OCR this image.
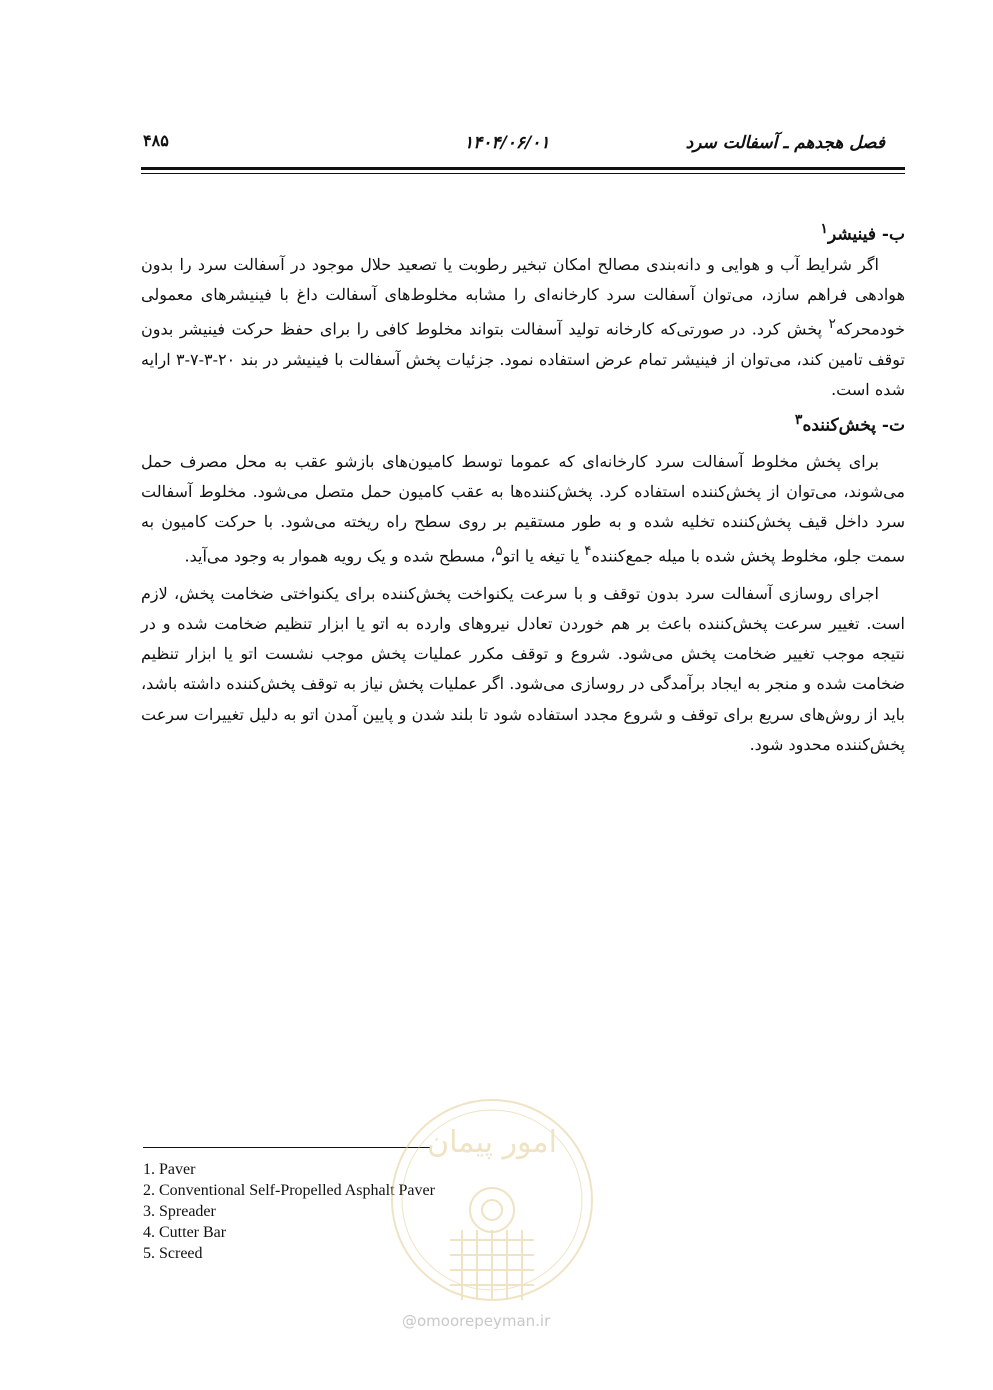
فصل هجدهم ـ آسفالت سرد
۱۴۰۴/۰۶/۰۱
۴۸۵
ب- فینیشر$^۱$

اگر شرایط آب و هوایی و دانه‌بندی مصالح امکان تبخیر رطوبت یا تصعید حلال موجود در آسفالت سرد را بدون هوادهی فراهم سازد، می‌توان آسفالت سرد کارخانه‌ای را مشابه مخلوط‌های آسفالت داغ با فینیشرهای معمولی خودمحرکه$^۲$ پخش کرد. در صورتی‌که کارخانه تولید آسفالت بتواند مخلوط کافی را برای حفظ حرکت فینیشر بدون توقف تامین کند، می‌توان از فینیشر تمام عرض استفاده نمود. جزئیات پخش آسفالت با فینیشر در بند ۲۰-۳-۷-۳ ارایه شده است.

ت- پخش‌کننده$^۳$

برای پخش مخلوط آسفالت سرد کارخانه‌ای که عموما توسط کامیون‌های بازشو عقب به محل مصرف حمل می‌شوند، می‌توان از پخش‌کننده استفاده کرد. پخش‌کننده‌ها به عقب کامیون حمل متصل می‌شود. مخلوط آسفالت سرد داخل قیف پخش‌کننده تخلیه شده و به طور مستقیم بر روی سطح راه ریخته می‌شود. با حرکت کامیون به سمت جلو، مخلوط پخش شده با میله جمع‌کننده$^۴$ یا تیغه یا اتو$^۵$، مسطح شده و یک رویه هموار به وجود می‌آید.

اجرای روسازی آسفالت سرد بدون توقف و با سرعت یکنواخت پخش‌کننده برای یکنواختی ضخامت پخش، لازم است. تغییر سرعت پخش‌کننده باعث بر هم خوردن تعادل نیروهای وارده به اتو یا ابزار تنظیم ضخامت شده و در نتیجه موجب تغییر ضخامت پخش می‌شود. شروع و توقف مکرر عملیات پخش موجب نشست اتو یا ابزار تنظیم ضخامت شده و منجر به ایجاد برآمدگی در روسازی می‌شود. اگر عملیات پخش نیاز به توقف پخش‌کننده داشته باشد، باید از روش‌های سریع برای توقف و شروع مجدد استفاده شود تا بلند شدن و پایین آمدن اتو به دلیل تغییرات سرعت پخش‌کننده محدود شود.

1. Paver
2. Conventional Self-Propelled Asphalt Paver
3. Spreader
4. Cutter Bar
5. Screed
امور پیمان
@omoorepeyman.ir
